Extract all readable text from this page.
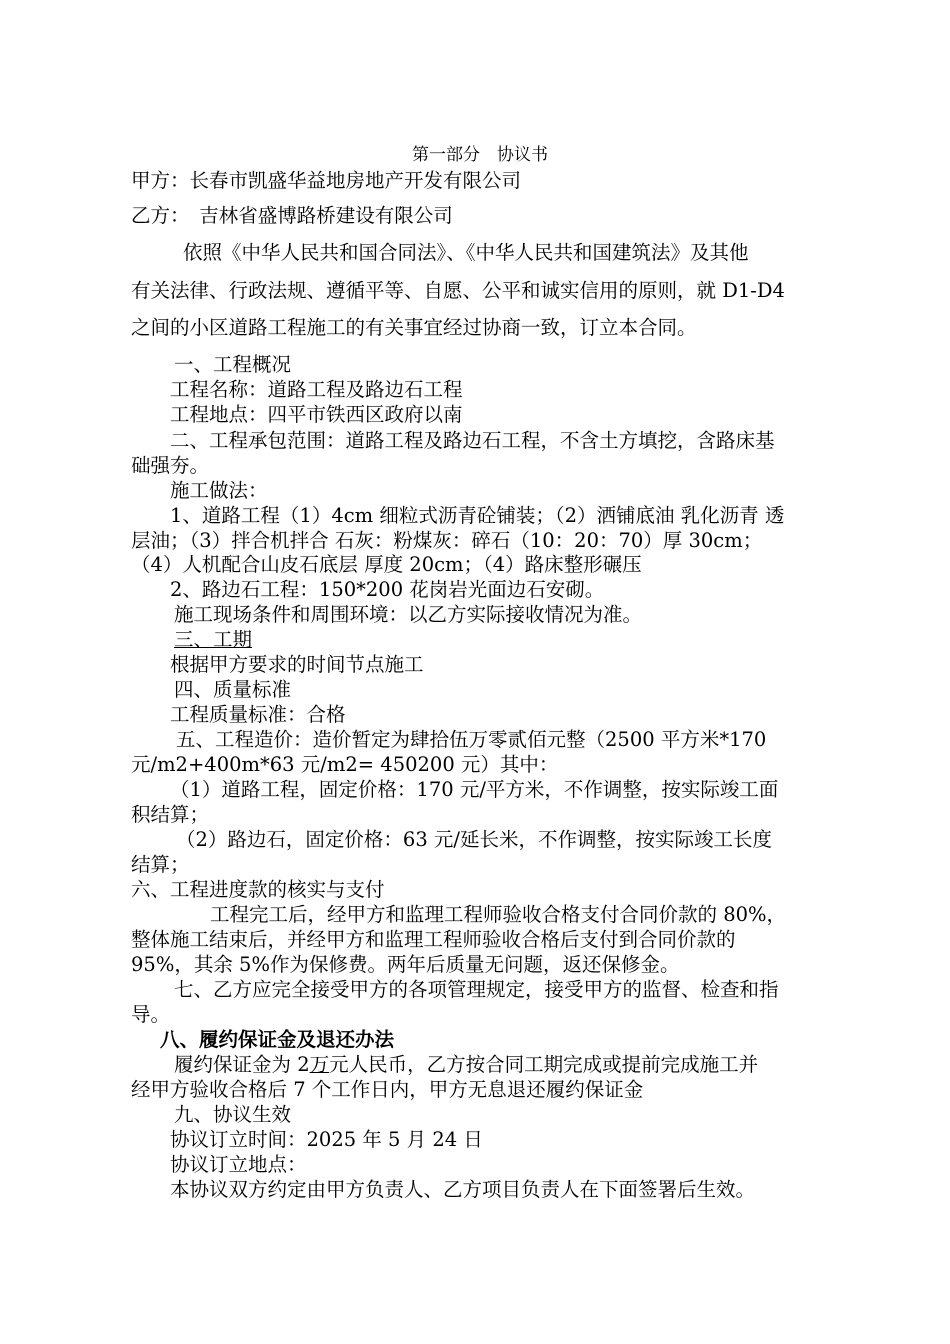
第一部分　协议书
甲方：长春市凯盛华益地房地产开发有限公司
乙方：　吉林省盛博路桥建设有限公司
依照《中华人民共和国合同法》、《中华人民共和国建筑法》及其他
有关法律、行政法规、遵循平等、自愿、公平和诚实信用的原则，就 D1-D4
之间的小区道路工程施工的有关事宜经过协商一致，订立本合同。
一、工程概况
工程名称：道路工程及路边石工程
工程地点：四平市铁西区政府以南
二、工程承包范围：道路工程及路边石工程，不含土方填挖，含路床基
础强夯。
施工做法：
1、道路工程（1）4cm 细粒式沥青砼铺装；（2）洒铺底油 乳化沥青 透
层油；（3）拌合机拌合 石灰：粉煤灰：碎石（10：20：70）厚 30cm；
（4）人机配合山皮石底层 厚度 20cm；（4）路床整形碾压
2、路边石工程：150*200 花岗岩光面边石安砌。
施工现场条件和周围环境：以乙方实际接收情况为准。
三、工期
根据甲方要求的时间节点施工
四、质量标准
工程质量标准：合格
五、工程造价：造价暂定为肆拾伍万零贰佰元整（2500 平方米*170
元/m2+400m*63 元/m2= 450200 元）其中：
（1）道路工程，固定价格：170 元/平方米，不作调整，按实际竣工面
积结算；
（2）路边石，固定价格：63 元/延长米，不作调整，按实际竣工长度
结算；
六、工程进度款的核实与支付
工程完工后，经甲方和监理工程师验收合格支付合同价款的 80%，
整体施工结束后，并经甲方和监理工程师验收合格后支付到合同价款的
95%，其余 5%作为保修费。两年后质量无问题，返还保修金。
七、乙方应完全接受甲方的各项管理规定，接受甲方的监督、检查和指
导。
八、履约保证金及退还办法
履约保证金为 2万元人民币，乙方按合同工期完成或提前完成施工并
经甲方验收合格后 7 个工作日内，甲方无息退还履约保证金
九、协议生效
协议订立时间：2025 年 5 月 24 日
协议订立地点：
本协议双方约定由甲方负责人、乙方项目负责人在下面签署后生效。
